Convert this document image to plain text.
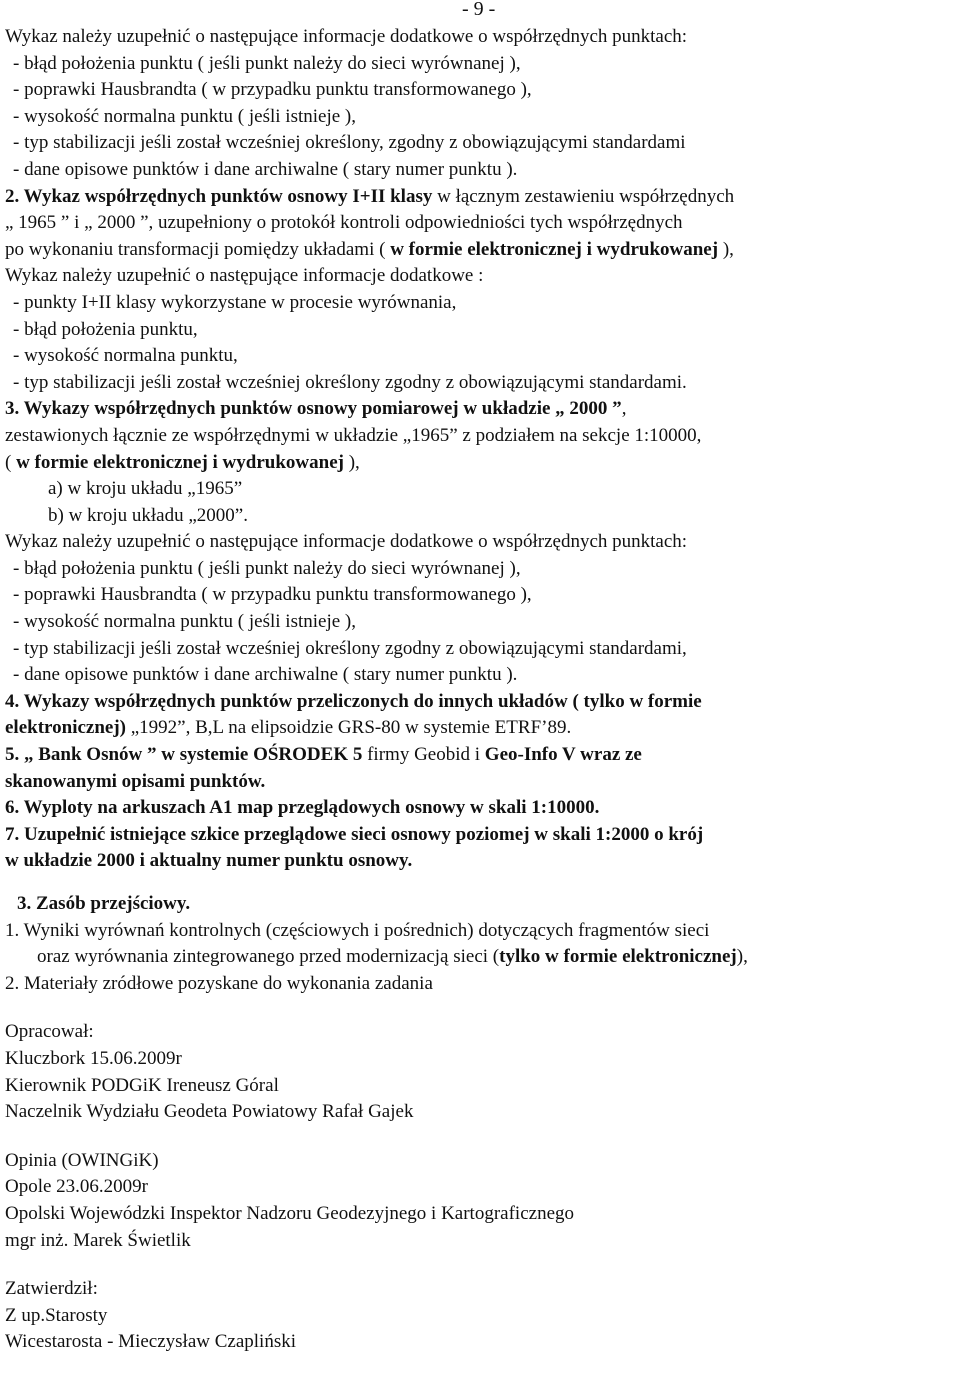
- 9 -
Wykaz należy uzupełnić o następujące informacje dodatkowe o współrzędnych punktach:
- błąd położenia punktu ( jeśli punkt należy do sieci wyrównanej ),
- poprawki Hausbrandta ( w przypadku punktu transformowanego ),
- wysokość normalna punktu ( jeśli istnieje ),
- typ stabilizacji jeśli został wcześniej określony, zgodny z obowiązującymi standardami
- dane opisowe punktów i dane archiwalne ( stary numer punktu ).
2. Wykaz współrzędnych punktów osnowy I+II klasy w łącznym zestawieniu współrzędnych
„ 1965 ” i „ 2000 ”, uzupełniony o protokół kontroli odpowiedniości tych współrzędnych
po wykonaniu transformacji pomiędzy układami ( w formie elektronicznej i wydrukowanej ),
Wykaz należy uzupełnić o następujące informacje dodatkowe :
- punkty I+II klasy wykorzystane w procesie wyrównania,
- błąd położenia punktu,
- wysokość normalna punktu,
- typ stabilizacji jeśli został wcześniej określony zgodny z obowiązującymi standardami.
3. Wykazy współrzędnych punktów osnowy pomiarowej w układzie „ 2000 ” ,
zestawionych łącznie ze współrzędnymi w układzie „1965” z podziałem na sekcje 1:10000,
( w formie elektronicznej i wydrukowanej ),
a) w kroju układu „1965”
b) w kroju układu „2000”.
Wykaz należy uzupełnić o następujące informacje dodatkowe o współrzędnych punktach:
- błąd położenia punktu ( jeśli punkt należy do sieci wyrównanej ),
- poprawki Hausbrandta ( w przypadku punktu transformowanego ),
- wysokość normalna punktu ( jeśli istnieje ),
- typ stabilizacji jeśli został wcześniej określony zgodny z obowiązującymi standardami,
- dane opisowe punktów i dane archiwalne ( stary numer punktu ).
4. Wykazy współrzędnych punktów przeliczonych do innych układów ( tylko w formie
elektronicznej) „1992”, B,L na elipsoidzie GRS-80 w systemie ETRF’89.
5. „ Bank Osnów ” w systemie OŚRODEK 5 firmy Geobid i Geo-Info V wraz ze
skanowanymi opisami punktów.
6. Wyploty na arkuszach A1 map przeglądowych osnowy w skali 1:10000.
7. Uzupełnić istniejące szkice przeglądowe sieci osnowy poziomej w skali 1:2000 o krój
w układzie 2000 i aktualny numer punktu osnowy.
3. Zasób przejściowy.
1. Wyniki wyrównań kontrolnych (częściowych i pośrednich) dotyczących fragmentów sieci
oraz wyrównania zintegrowanego przed modernizacją sieci ( tylko w formie elektronicznej ),
2. Materiały zródłowe pozyskane do wykonania zadania
Opracował:
Kluczbork 15.06.2009r
Kierownik PODGiK Ireneusz Góral
Naczelnik Wydziału Geodeta Powiatowy Rafał Gajek
Opinia (OWINGiK)
Opole 23.06.2009r
Opolski Wojewódzki Inspektor Nadzoru Geodezyjnego i Kartograficznego
mgr inż. Marek Świetlik
Zatwierdził:
Z up.Starosty
Wicestarosta - Mieczysław Czapliński
